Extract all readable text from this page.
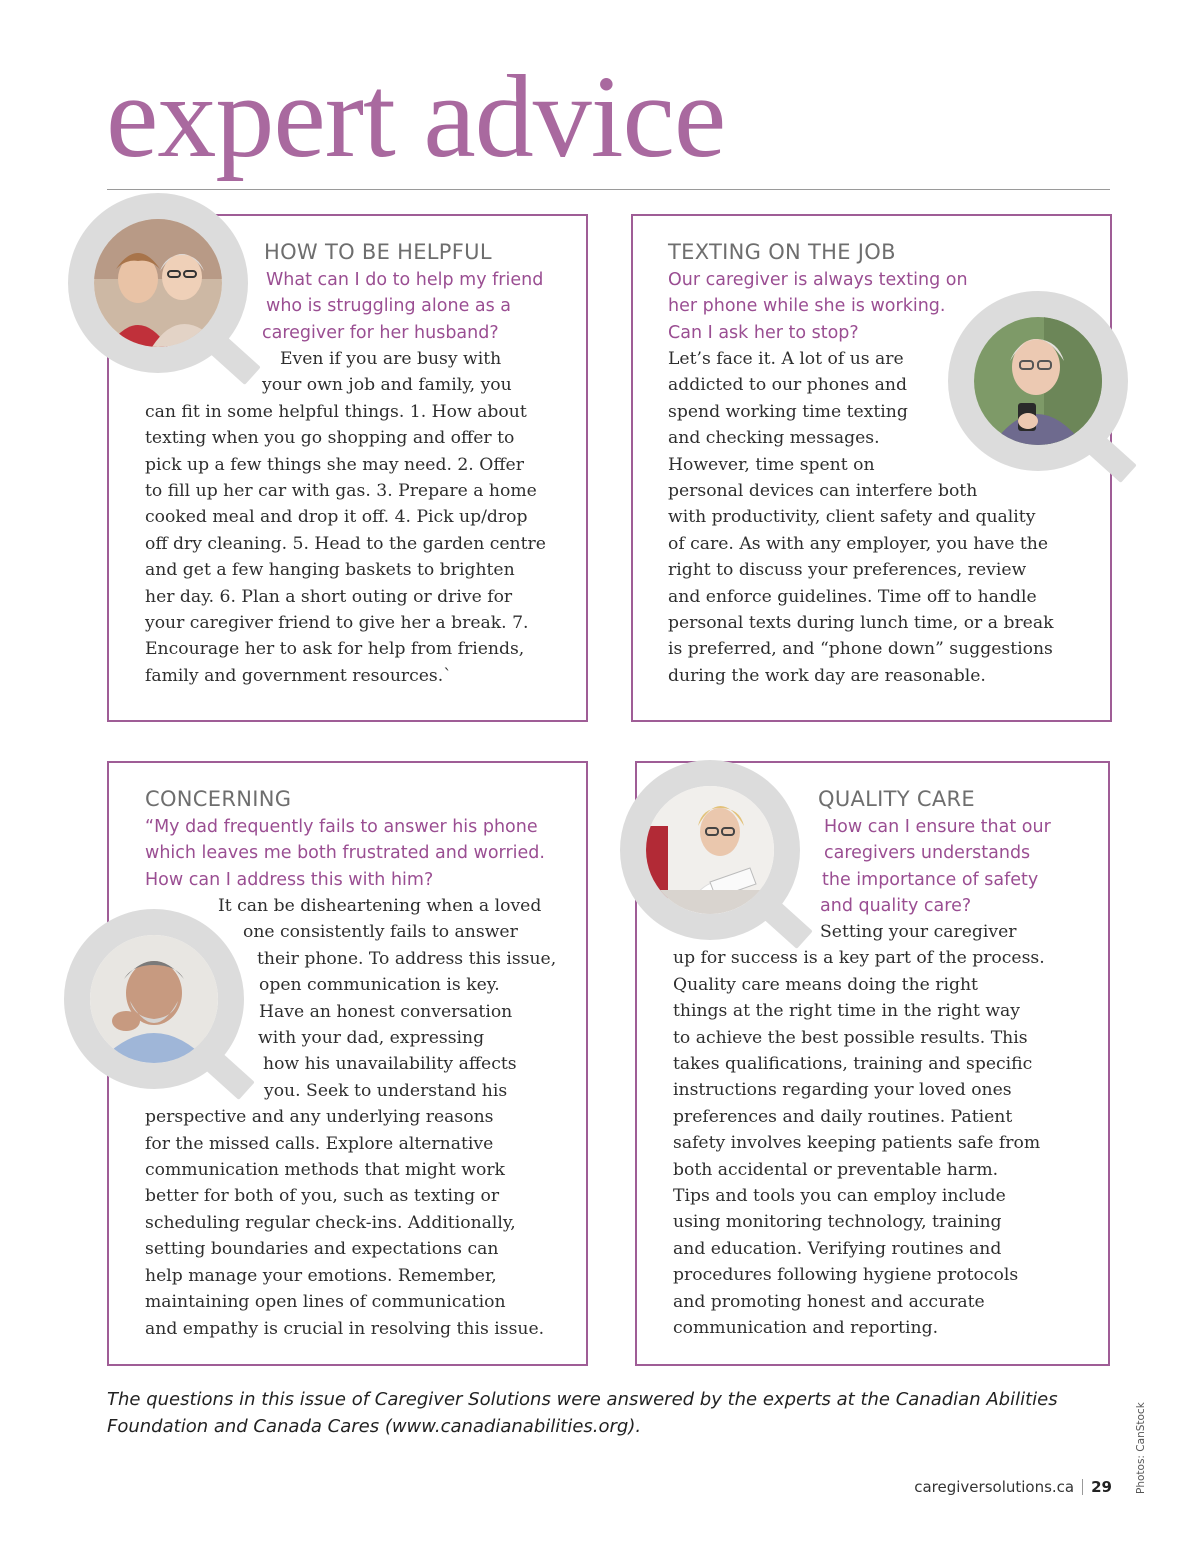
expert advice
HOW TO BE HELPFUL
What can I do to help my friend
who is struggling alone as a
caregiver for her husband?
Even if you are busy with
your own job and family, you
can fit in some helpful things. 1. How about
texting when you go shopping and offer to
pick up a few things she may need. 2. Offer
to fill up her car with gas. 3. Prepare a home
cooked meal and drop it off. 4. Pick up/drop
off dry cleaning. 5. Head to the garden centre
and get a few hanging baskets to brighten
her day. 6. Plan a short outing or drive for
your caregiver friend to give her a break. 7.
Encourage her to ask for help from friends,
family and government resources.`
TEXTING ON THE JOB
Our caregiver is always texting on
her phone while she is working.
Can I ask her to stop?
Let’s face it. A lot of us are
addicted to our phones and
spend working time texting
and checking messages.
However, time spent on
personal devices can interfere both
with productivity, client safety and quality
of care. As with any employer, you have the
right to discuss your preferences, review
and enforce guidelines. Time off to handle
personal texts during lunch time, or a break
is preferred, and “phone down” suggestions
during the work day are reasonable.
CONCERNING
“My dad frequently fails to answer his phone
which leaves me both frustrated and worried.
How can I address this with him?
It can be disheartening when a loved
one consistently fails to answer
their phone. To address this issue,
open communication is key.
Have an honest conversation
with your dad, expressing
how his unavailability affects
you. Seek to understand his
perspective and any underlying reasons
for the missed calls. Explore alternative
communication methods that might work
better for both of you, such as texting or
scheduling regular check-ins. Additionally,
setting boundaries and expectations can
help manage your emotions. Remember,
maintaining open lines of communication
and empathy is crucial in resolving this issue.
QUALITY CARE
How can I ensure that our
caregivers understands
the importance of safety
and quality care?
Setting your caregiver
up for success is a key part of the process.
Quality care means doing the right
things at the right time in the right way
to achieve the best possible results. This
takes qualifications, training and specific
instructions regarding your loved ones
preferences and daily routines. Patient
safety involves keeping patients safe from
both accidental or preventable harm.
Tips and tools you can employ include
using monitoring technology, training
and education. Verifying routines and
procedures following hygiene protocols
and promoting honest and accurate
communication and reporting.
The questions in this issue of Caregiver Solutions were answered by the experts at the Canadian Abilities Foundation and Canada Cares (www.canadianabilities.org).	Photos: CanStock
caregiversolutions.ca 29
